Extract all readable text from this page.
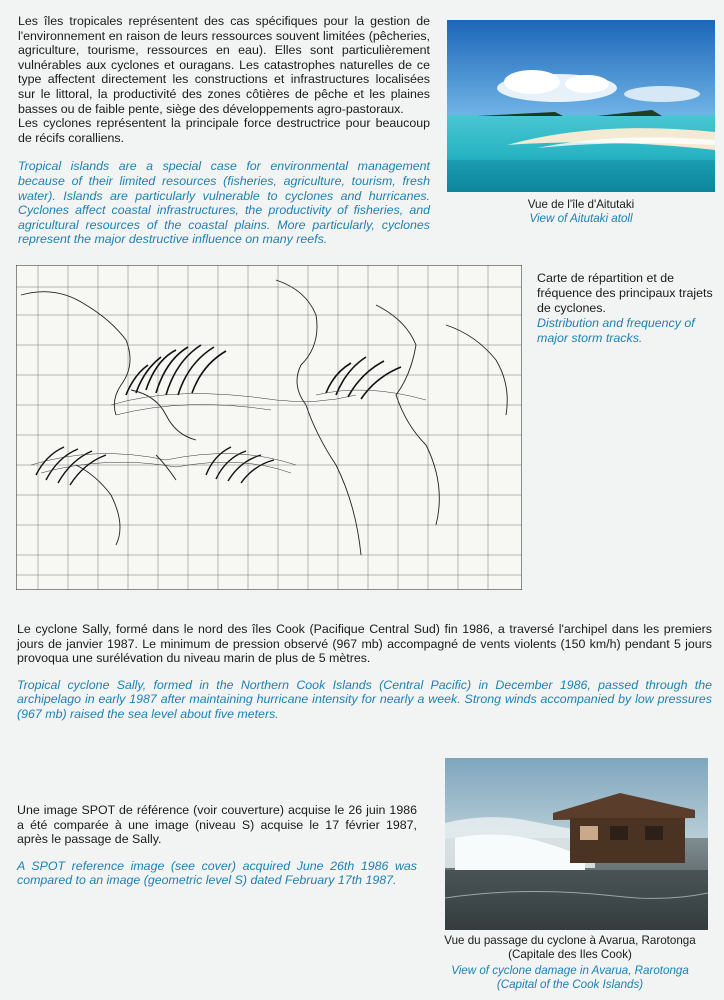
Les îles tropicales représentent des cas spécifiques pour la gestion de l'environnement en raison de leurs ressources souvent limitées (pêcheries, agriculture, tourisme, ressources en eau). Elles sont particulièrement vulnérables aux cyclones et ouragans. Les catastrophes naturelles de ce type affectent directement les constructions et infrastructures localisées sur le littoral, la productivité des zones côtières de pêche et les plaines basses ou de faible pente, siège des développements agro-pastoraux.

Les cyclones représentent la principale force destructrice pour beaucoup de récifs coralliens.

Tropical islands are a special case for environmental management because of their limited resources (fisheries, agriculture, tourism, fresh water). Islands are particularly vulnerable to cyclones and hurricanes. Cyclones affect coastal infrastructures, the productivity of fisheries, and agricultural resources of the coastal plains. More particularly, cyclones represent the major destructive influence on many reefs.

Vue de l'île d'Aitutaki

View of Aitutaki atoll

Carte de répartition et de fréquence des principaux trajets de cyclones.

Distribution and frequency of major storm tracks.

Le cyclone Sally, formé dans le nord des îles Cook (Pacifique Central Sud) fin 1986, a traversé l'archipel dans les premiers jours de janvier 1987. Le minimum de pression observé (967 mb) accompagné de vents violents (150 km/h) pendant 5 jours provoqua une surélévation du niveau marin de plus de 5 mètres.

Tropical cyclone Sally, formed in the Northern Cook Islands (Central Pacific) in December 1986, passed through the archipelago in early 1987 after maintaining hurricane intensity for nearly a week. Strong winds accompanied by low pressures (967 mb) raised the sea level about five meters.

Une image SPOT de référence (voir couverture) acquise le 26 juin 1986 a été comparée à une image (niveau S) acquise le 17 février 1987, après le passage de Sally.

A SPOT reference image (see cover) acquired June 26th 1986 was compared to an image (geometric level S) dated February 17th 1987.

Vue du passage du cyclone à Avarua, Rarotonga

(Capitale des Iles Cook)

View of cyclone damage in Avarua, Rarotonga

(Capital of the Cook Islands)
